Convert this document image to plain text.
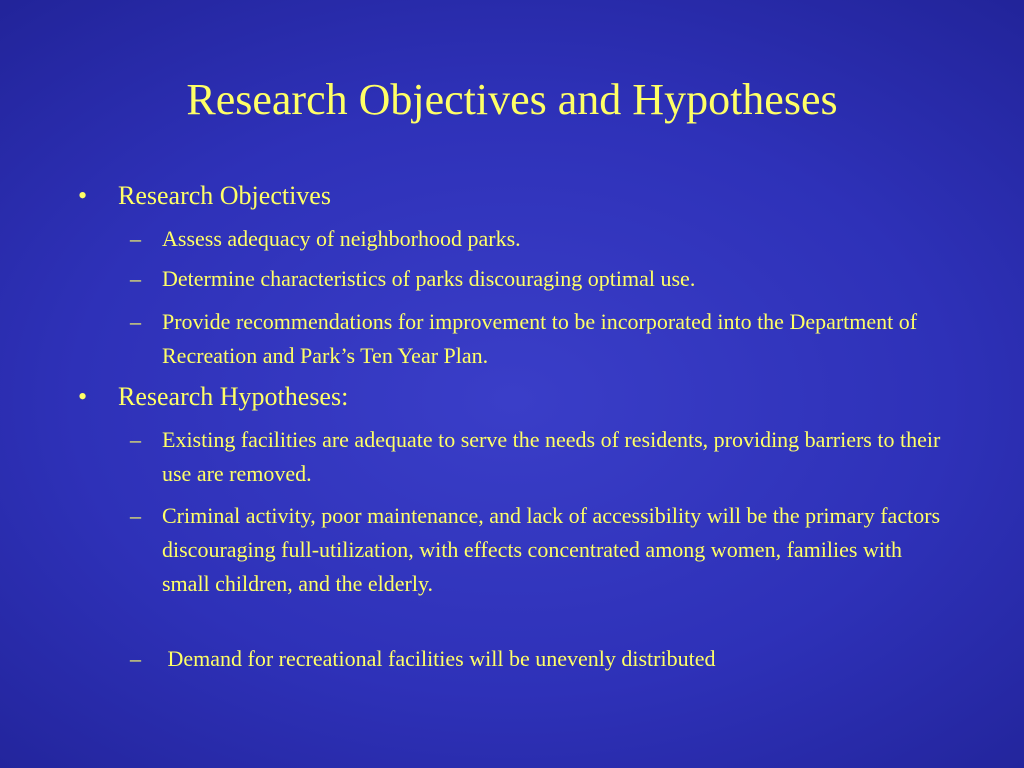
Research Objectives and Hypotheses
• Research Objectives
– Assess adequacy of neighborhood parks.
– Determine characteristics of parks discouraging optimal use.
– Provide recommendations for improvement to be incorporated into the Department of Recreation and Park’s Ten Year Plan.
• Research Hypotheses:
– Existing facilities are adequate to serve the needs of residents, providing barriers to their use are removed.
– Criminal activity, poor maintenance, and lack of accessibility will be the primary factors discouraging full-utilization, with effects concentrated among women, families with small children, and the elderly.
– Demand for recreational facilities will be unevenly distributed
